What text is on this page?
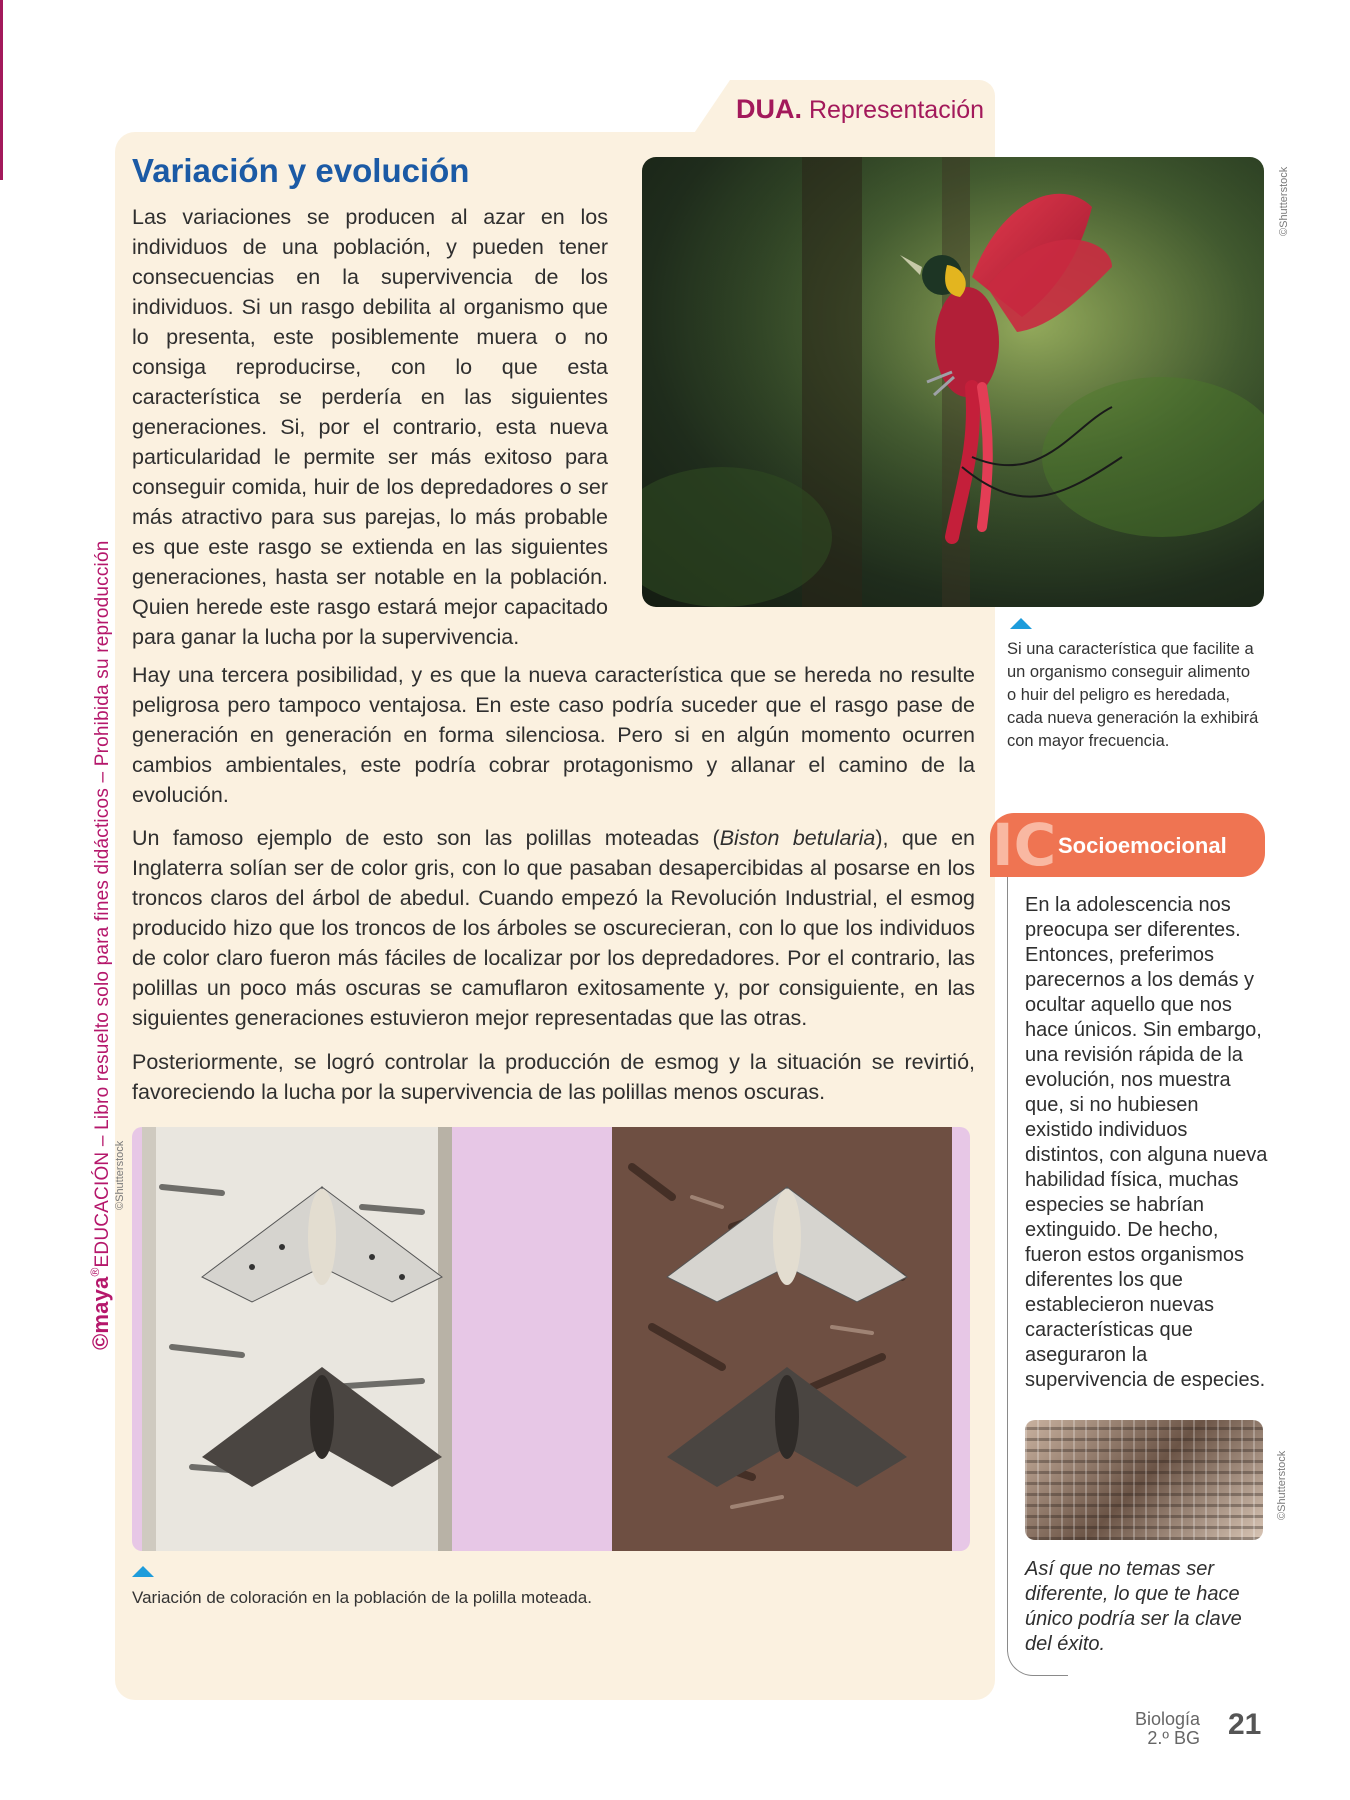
©maya®EDUCACIÓN – Libro resuelto solo para fines didácticos – Prohibida su reproducción
DUA. Representación
Variación y evolución

Las variaciones se producen al azar en los individuos de una población, y pueden tener consecuencias en la supervivencia de los individuos. Si un rasgo debilita al organismo que lo presenta, este posiblemente muera o no consiga reproducirse, con lo que esta característica se perdería en las siguientes generaciones. Si, por el contrario, esta nueva particularidad le permite ser más exitoso para conseguir comida, huir de los depredadores o ser más atractivo para sus parejas, lo más probable es que este rasgo se extienda en las siguientes generaciones, hasta ser notable en la población. Quien herede este rasgo estará mejor capacitado para ganar la lucha por la supervivencia.

©Shutterstock
Si una característica que facilite a un organismo conseguir alimento o huir del peligro es heredada, cada nueva generación la exhibirá con mayor frecuencia.

Hay una tercera posibilidad, y es que la nueva característica que se hereda no resulte peligrosa pero tampoco ventajosa. En este caso podría suceder que el rasgo pase de generación en generación en forma silenciosa. Pero si en algún momento ocurren cambios ambientales, este podría cobrar protagonismo y allanar el camino de la evolución.

Un famoso ejemplo de esto son las polillas moteadas (Biston betularia), que en Inglaterra solían ser de color gris, con lo que pasaban desapercibidas al posarse en los troncos claros del árbol de abedul. Cuando empezó la Revolución Industrial, el esmog producido hizo que los troncos de los árboles se oscurecieran, con lo que los individuos de color claro fueron más fáciles de localizar por los depredadores. Por el contrario, las polillas un poco más oscuras se camuflaron exitosamente y, por consiguiente, en las siguientes generaciones estuvieron mejor representadas que las otras.

Posteriormente, se logró controlar la producción de esmog y la situación se revirtió, favoreciendo la lucha por la supervivencia de las polillas menos oscuras.

©Shutterstock
Variación de coloración en la población de la polilla moteada.
IC Socioemocional
En la adolescencia nos preocupa ser diferentes. Entonces, preferimos parecernos a los demás y ocultar aquello que nos hace únicos. Sin embargo, una revisión rápida de la evolución, nos muestra que, si no hubiesen existido individuos distintos, con alguna nueva habilidad física, muchas especies se habrían extinguido. De hecho, fueron estos organismos diferentes los que establecieron nuevas características que aseguraron la supervivencia de especies.
©Shutterstock
Así que no temas ser diferente, lo que te hace único podría ser la clave del éxito.
Biología
2.º BG 21
